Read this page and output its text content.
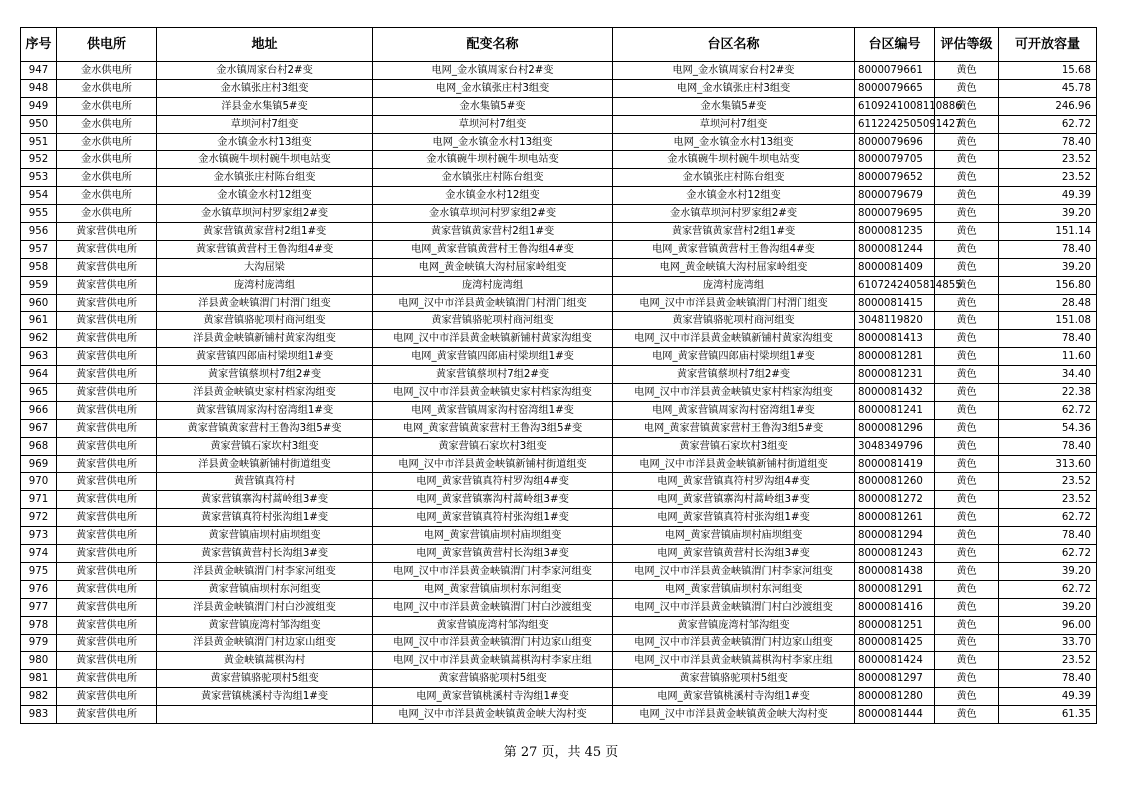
序号	供电所	地址	配变名称	台区名称	台区编号	评估等级	可开放容量
947	金水供电所	金水镇周家台村2#变	电网_金水镇周家台村2#变	电网_金水镇周家台村2#变	8000079661	黄色	15.68
948	金水供电所	金水镇张庄村3组变	电网_金水镇张庄村3组变	电网_金水镇张庄村3组变	8000079665	黄色	45.78
949	金水供电所	洋县金水集镇5#变	金水集镇5#变	金水集镇5#变	6109241008110886	黄色	246.96
950	金水供电所	草坝河村7组变	草坝河村7组变	草坝河村7组变	6112242505091427	黄色	62.72
951	金水供电所	金水镇金水村13组变	电网_金水镇金水村13组变	电网_金水镇金水村13组变	8000079696	黄色	78.40
952	金水供电所	金水镇碗牛坝村碗牛坝电站变	金水镇碗牛坝村碗牛坝电站变	金水镇碗牛坝村碗牛坝电站变	8000079705	黄色	23.52
953	金水供电所	金水镇张庄村陈台组变	金水镇张庄村陈台组变	金水镇张庄村陈台组变	8000079652	黄色	23.52
954	金水供电所	金水镇金水村12组变	金水镇金水村12组变	金水镇金水村12组变	8000079679	黄色	49.39
955	金水供电所	金水镇草坝河村罗家组2#变	金水镇草坝河村罗家组2#变	金水镇草坝河村罗家组2#变	8000079695	黄色	39.20
956	黄家营供电所	黄家营镇黄家营村2组1#变	黄家营镇黄家营村2组1#变	黄家营镇黄家营村2组1#变	8000081235	黄色	151.14
957	黄家营供电所	黄家营镇黄营村王鲁沟组4#变	电网_黄家营镇黄营村王鲁沟组4#变	电网_黄家营镇黄营村王鲁沟组4#变	8000081244	黄色	78.40
958	黄家营供电所	大沟屈梁	电网_黄金峡镇大沟村屈家岭组变	电网_黄金峡镇大沟村屈家岭组变	8000081409	黄色	39.20
959	黄家营供电所	庞湾村庞湾组	庞湾村庞湾组	庞湾村庞湾组	6107242405814855	黄色	156.80
960	黄家营供电所	洋县黄金峡镇渭门村渭门组变	电网_汉中市洋县黄金峡镇渭门村渭门组变	电网_汉中市洋县黄金峡镇渭门村渭门组变	8000081415	黄色	28.48
961	黄家营供电所	黄家营镇骆驼项村商河组变	黄家营镇骆驼项村商河组变	黄家营镇骆驼项村商河组变	3048119820	黄色	151.08
962	黄家营供电所	洋县黄金峡镇新铺村黄家沟组变	电网_汉中市洋县黄金峡镇新铺村黄家沟组变	电网_汉中市洋县黄金峡镇新铺村黄家沟组变	8000081413	黄色	78.40
963	黄家营供电所	黄家营镇四郎庙村梁坝组1#变	电网_黄家营镇四郎庙村梁坝组1#变	电网_黄家营镇四郎庙村梁坝组1#变	8000081281	黄色	11.60
964	黄家营供电所	黄家营镇蔡坝村7组2#变	黄家营镇蔡坝村7组2#变	黄家营镇蔡坝村7组2#变	8000081231	黄色	34.40
965	黄家营供电所	洋县黄金峡镇史家村档家沟组变	电网_汉中市洋县黄金峡镇史家村档家沟组变	电网_汉中市洋县黄金峡镇史家村档家沟组变	8000081432	黄色	22.38
966	黄家营供电所	黄家营镇周家沟村窑湾组1#变	电网_黄家营镇周家沟村窑湾组1#变	电网_黄家营镇周家沟村窑湾组1#变	8000081241	黄色	62.72
967	黄家营供电所	黄家营镇黄家营村王鲁沟3组5#变	电网_黄家营镇黄家营村王鲁沟3组5#变	电网_黄家营镇黄家营村王鲁沟3组5#变	8000081296	黄色	54.36
968	黄家营供电所	黄家营镇石家坎村3组变	黄家营镇石家坎村3组变	黄家营镇石家坎村3组变	3048349796	黄色	78.40
969	黄家营供电所	洋县黄金峡镇新铺村街道组变	电网_汉中市洋县黄金峡镇新铺村街道组变	电网_汉中市洋县黄金峡镇新铺村街道组变	8000081419	黄色	313.60
970	黄家营供电所	黄营镇真符村	电网_黄家营镇真符村罗沟组4#变	电网_黄家营镇真符村罗沟组4#变	8000081260	黄色	23.52
971	黄家营供电所	黄家营镇寨沟村蒿岭组3#变	电网_黄家营镇寨沟村蒿岭组3#变	电网_黄家营镇寨沟村蒿岭组3#变	8000081272	黄色	23.52
972	黄家营供电所	黄家营镇真符村张沟组1#变	电网_黄家营镇真符村张沟组1#变	电网_黄家营镇真符村张沟组1#变	8000081261	黄色	62.72
973	黄家营供电所	黄家营镇庙坝村庙坝组变	电网_黄家营镇庙坝村庙坝组变	电网_黄家营镇庙坝村庙坝组变	8000081294	黄色	78.40
974	黄家营供电所	黄家营镇黄营村长沟组3#变	电网_黄家营镇黄营村长沟组3#变	电网_黄家营镇黄营村长沟组3#变	8000081243	黄色	62.72
975	黄家营供电所	洋县黄金峡镇渭门村李家河组变	电网_汉中市洋县黄金峡镇渭门村李家河组变	电网_汉中市洋县黄金峡镇渭门村李家河组变	8000081438	黄色	39.20
976	黄家营供电所	黄家营镇庙坝村东河组变	电网_黄家营镇庙坝村东河组变	电网_黄家营镇庙坝村东河组变	8000081291	黄色	62.72
977	黄家营供电所	洋县黄金峡镇渭门村白沙渡组变	电网_汉中市洋县黄金峡镇渭门村白沙渡组变	电网_汉中市洋县黄金峡镇渭门村白沙渡组变	8000081416	黄色	39.20
978	黄家营供电所	黄家营镇庞湾村邹沟组变	黄家营镇庞湾村邹沟组变	黄家营镇庞湾村邹沟组变	8000081251	黄色	96.00
979	黄家营供电所	洋县黄金峡镇渭门村边家山组变	电网_汉中市洋县黄金峡镇渭门村边家山组变	电网_汉中市洋县黄金峡镇渭门村边家山组变	8000081425	黄色	33.70
980	黄家营供电所	黄金峡镇蒿棋沟村	电网_汉中市洋县黄金峡镇蒿棋沟村李家庄组	电网_汉中市洋县黄金峡镇蒿棋沟村李家庄组	8000081424	黄色	23.52
981	黄家营供电所	黄家营镇骆驼项村5组变	黄家营镇骆驼项村5组变	黄家营镇骆驼项村5组变	8000081297	黄色	78.40
982	黄家营供电所	黄家营镇桃溪村寺沟组1#变	电网_黄家营镇桃溪村寺沟组1#变	电网_黄家营镇桃溪村寺沟组1#变	8000081280	黄色	49.39
983	黄家营供电所		电网_汉中市洋县黄金峡镇黄金峡大沟村变	电网_汉中市洋县黄金峡镇黄金峡大沟村变	8000081444	黄色	61.35
第 27 页，共 45 页
